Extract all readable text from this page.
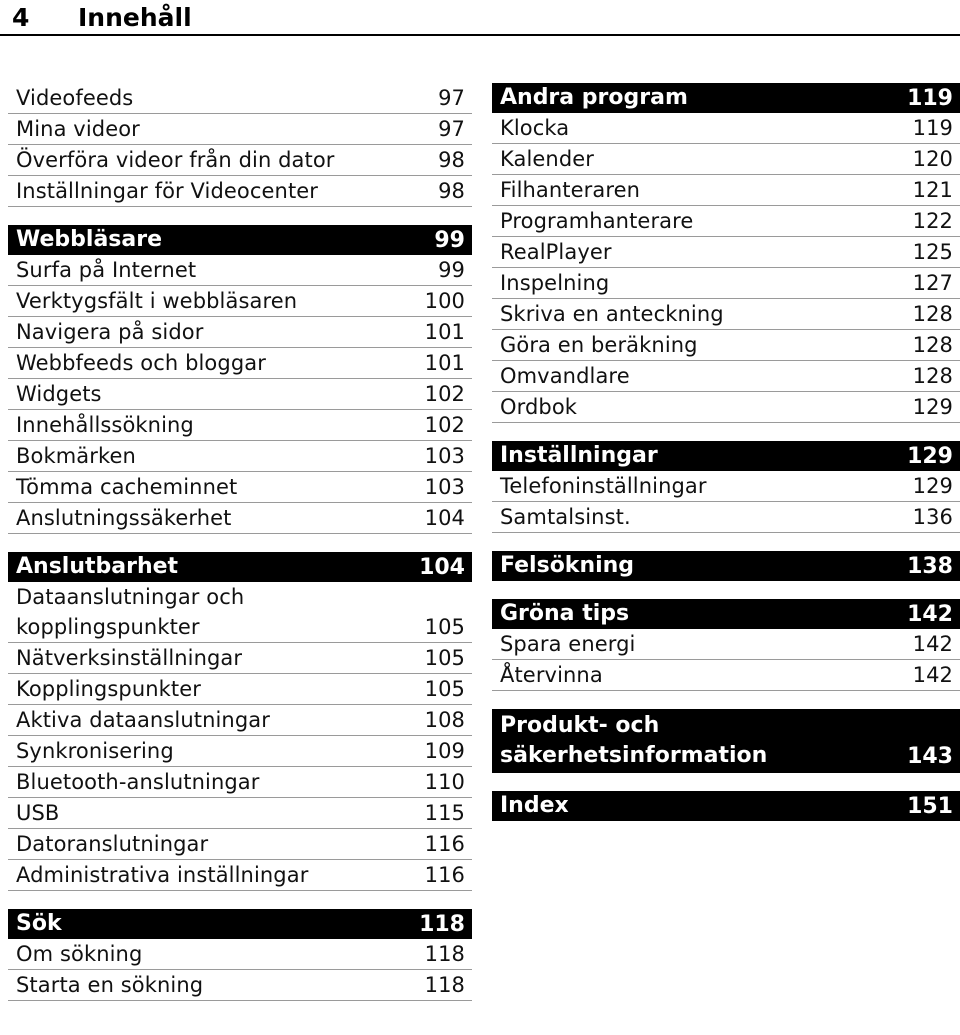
4 Innehåll
Videofeeds	97
Mina videor	97
Överföra videor från din dator	98
Inställningar för Videocenter	98
Webbläsare	99
Surfa på Internet	99
Verktygsfält i webbläsaren	100
Navigera på sidor	101
Webbfeeds och bloggar	101
Widgets	102
Innehållssökning	102
Bokmärken	103
Tömma cacheminnet	103
Anslutningssäkerhet	104
Anslutbarhet	104
Dataanslutningar och
kopplingspunkter	105
Nätverksinställningar	105
Kopplingspunkter	105
Aktiva dataanslutningar	108
Synkronisering	109
Bluetooth-anslutningar	110
USB	115
Datoranslutningar	116
Administrativa inställningar	116
Sök	118
Om sökning	118
Starta en sökning	118
Andra program	119
Klocka	119
Kalender	120
Filhanteraren	121
Programhanterare	122
RealPlayer	125
Inspelning	127
Skriva en anteckning	128
Göra en beräkning	128
Omvandlare	128
Ordbok	129
Inställningar	129
Telefoninställningar	129
Samtalsinst.	136
Felsökning	138
Gröna tips	142
Spara energi	142
Återvinna	142
Produkt- och
säkerhetsinformation	143
Index	151
